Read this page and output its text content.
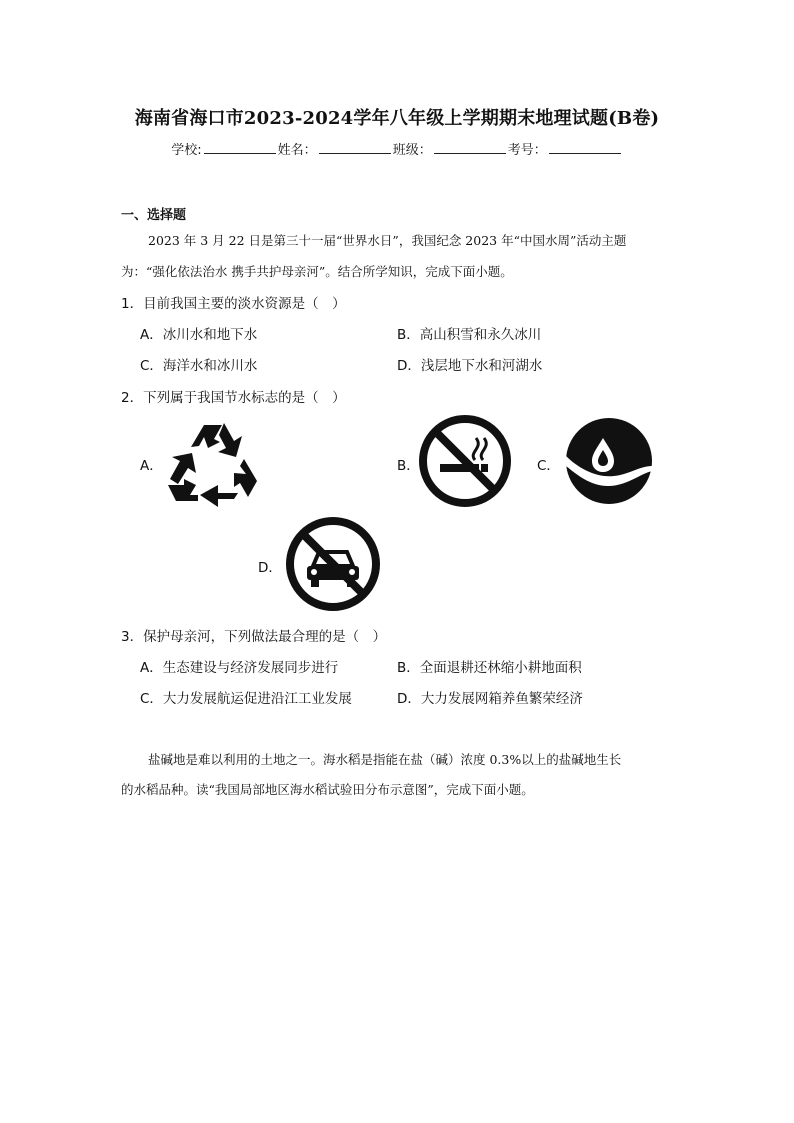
海南省海口市2023-2024学年八年级上学期期末地理试题(B卷)
学校:	姓名：	班级：	考号：
一、选择题
2023 年 3 月 22 日是第三十一届“世界水日”，我国纪念 2023 年“中国水周”活动主题
为：“强化依法治水 携手共护母亲河”。结合所学知识，完成下面小题。
1．目前我国主要的淡水资源是（　）
A．冰川水和地下水	B．高山积雪和永久冰川
C．海洋水和冰川水	D．浅层地下水和河湖水
2．下列属于我国节水标志的是（　）
A．	B．	C．
D．
3．保护母亲河，下列做法最合理的是（　）
A．生态建设与经济发展同步进行	B．全面退耕还林缩小耕地面积
C．大力发展航运促进沿江工业发展	D．大力发展网箱养鱼繁荣经济
盐碱地是难以利用的土地之一。海水稻是指能在盐（碱）浓度 0.3%以上的盐碱地生长
的水稻品种。读“我国局部地区海水稻试验田分布示意图”，完成下面小题。
